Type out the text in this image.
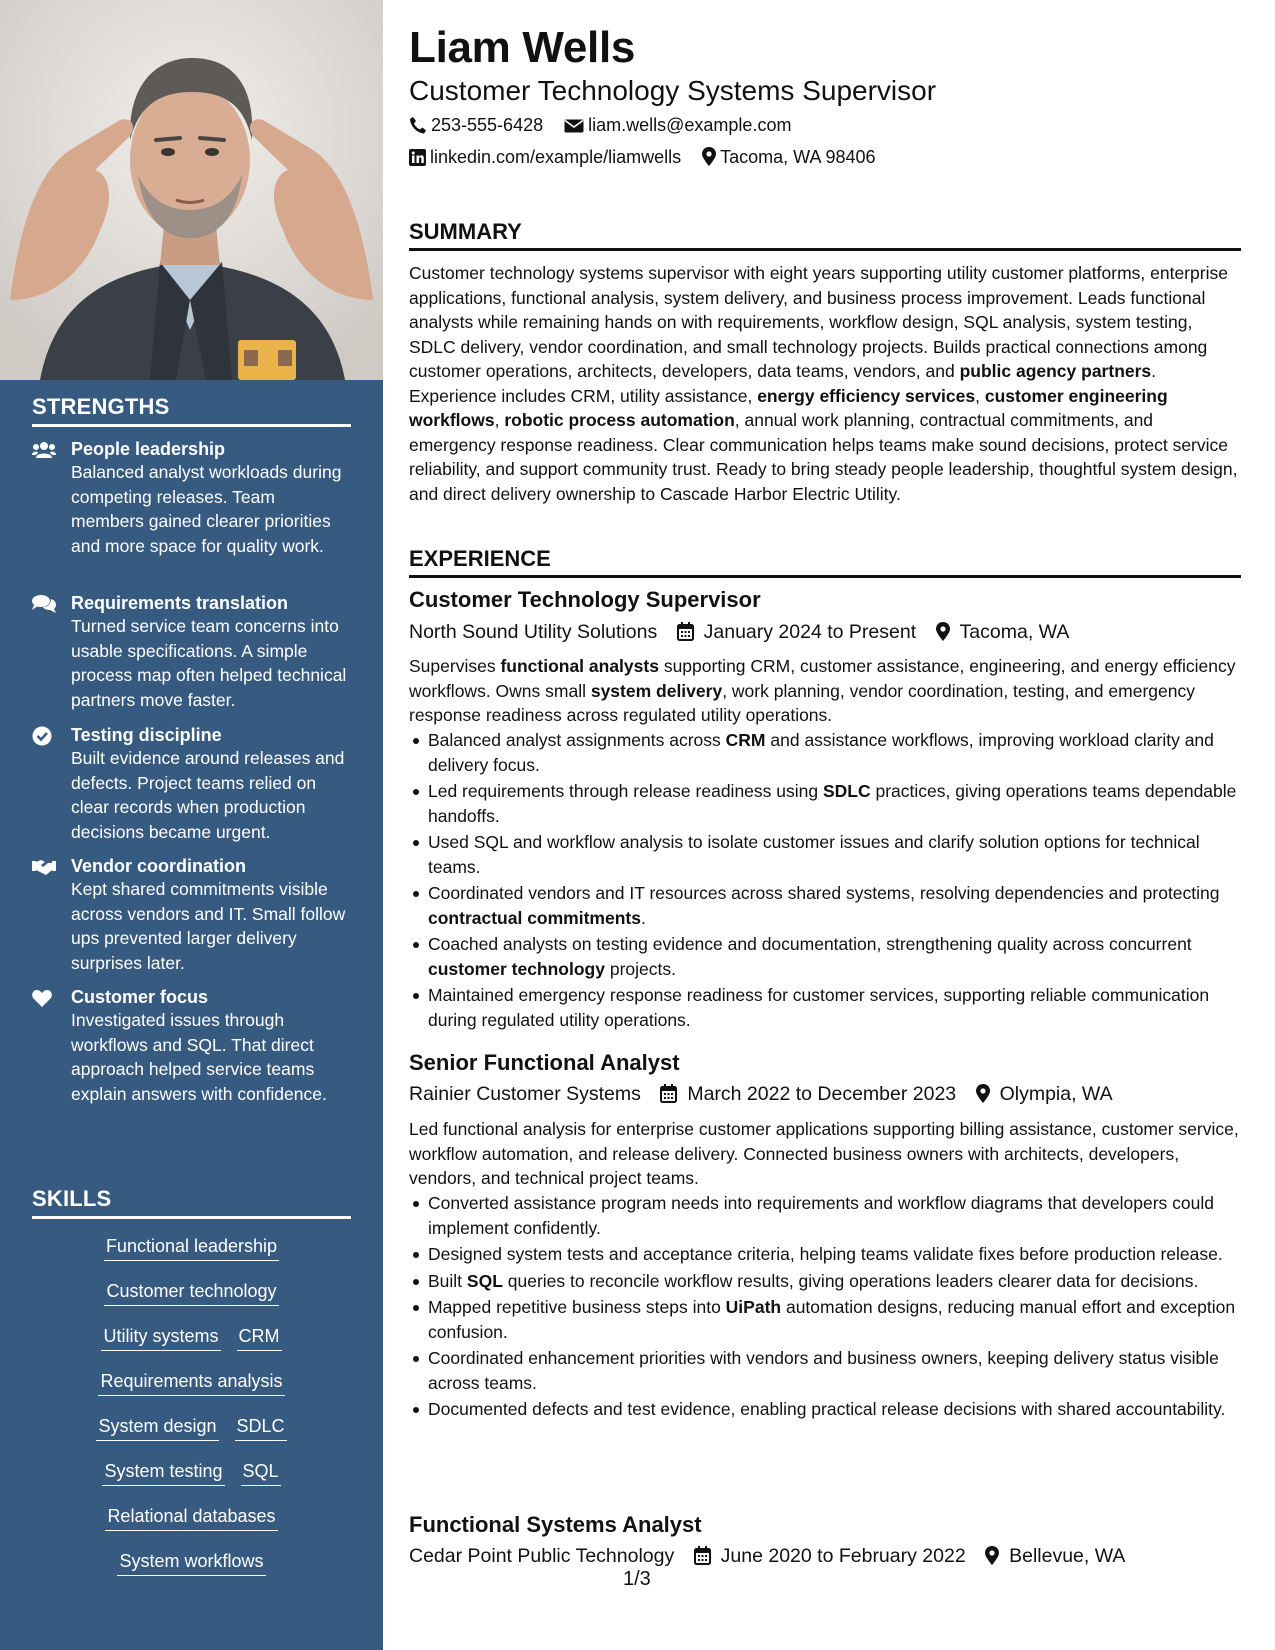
STRENGTHS
People leadership
Balanced analyst workloads during competing releases. Team members gained clearer priorities and more space for quality work.
Requirements translation
Turned service team concerns into usable specifications. A simple process map often helped technical partners move faster.
Testing discipline
Built evidence around releases and defects. Project teams relied on clear records when production decisions became urgent.
Vendor coordination
Kept shared commitments visible across vendors and IT. Small follow ups prevented larger delivery surprises later.
Customer focus
Investigated issues through workflows and SQL. That direct approach helped service teams explain answers with confidence.
SKILLS
Functional leadership
Customer technology
Utility systems CRM
Requirements analysis
System design SDLC
System testing SQL
Relational databases
System workflows
Liam Wells
Customer Technology Systems Supervisor
253-555-6428	liam.wells@example.com
linkedin.com/example/liamwells Tacoma, WA 98406
SUMMARY
Customer technology systems supervisor with eight years supporting utility customer platforms, enterprise applications, functional analysis, system delivery, and business process improvement. Leads functional analysts while remaining hands on with requirements, workflow design, SQL analysis, system testing, SDLC delivery, vendor coordination, and small technology projects. Builds practical connections among customer operations, architects, developers, data teams, vendors, and public agency partners. Experience includes CRM, utility assistance, energy efficiency services, customer engineering workflows, robotic process automation, annual work planning, contractual commitments, and emergency response readiness. Clear communication helps teams make sound decisions, protect service reliability, and support community trust. Ready to bring steady people leadership, thoughtful system design, and direct delivery ownership to Cascade Harbor Electric Utility.
EXPERIENCE
Customer Technology Supervisor
North Sound Utility Solutions January 2024 to Present Tacoma, WA
Supervises functional analysts supporting CRM, customer assistance, engineering, and energy efficiency workflows. Owns small system delivery, work planning, vendor coordination, testing, and emergency response readiness across regulated utility operations.
Balanced analyst assignments across CRM and assistance workflows, improving workload clarity and delivery focus.
Led requirements through release readiness using SDLC practices, giving operations teams dependable handoffs.
Used SQL and workflow analysis to isolate customer issues and clarify solution options for technical teams.
Coordinated vendors and IT resources across shared systems, resolving dependencies and protecting contractual commitments.
Coached analysts on testing evidence and documentation, strengthening quality across concurrent customer technology projects.
Maintained emergency response readiness for customer services, supporting reliable communication during regulated utility operations.
Senior Functional Analyst
Rainier Customer Systems March 2022 to December 2023 Olympia, WA
Led functional analysis for enterprise customer applications supporting billing assistance, customer service, workflow automation, and release delivery. Connected business owners with architects, developers, vendors, and technical project teams.
Converted assistance program needs into requirements and workflow diagrams that developers could implement confidently.
Designed system tests and acceptance criteria, helping teams validate fixes before production release.
Built SQL queries to reconcile workflow results, giving operations leaders clearer data for decisions.
Mapped repetitive business steps into UiPath automation designs, reducing manual effort and exception confusion.
Coordinated enhancement priorities with vendors and business owners, keeping delivery status visible across teams.
Documented defects and test evidence, enabling practical release decisions with shared accountability.
Functional Systems Analyst
Cedar Point Public Technology June 2020 to February 2022 Bellevue, WA
1/3
